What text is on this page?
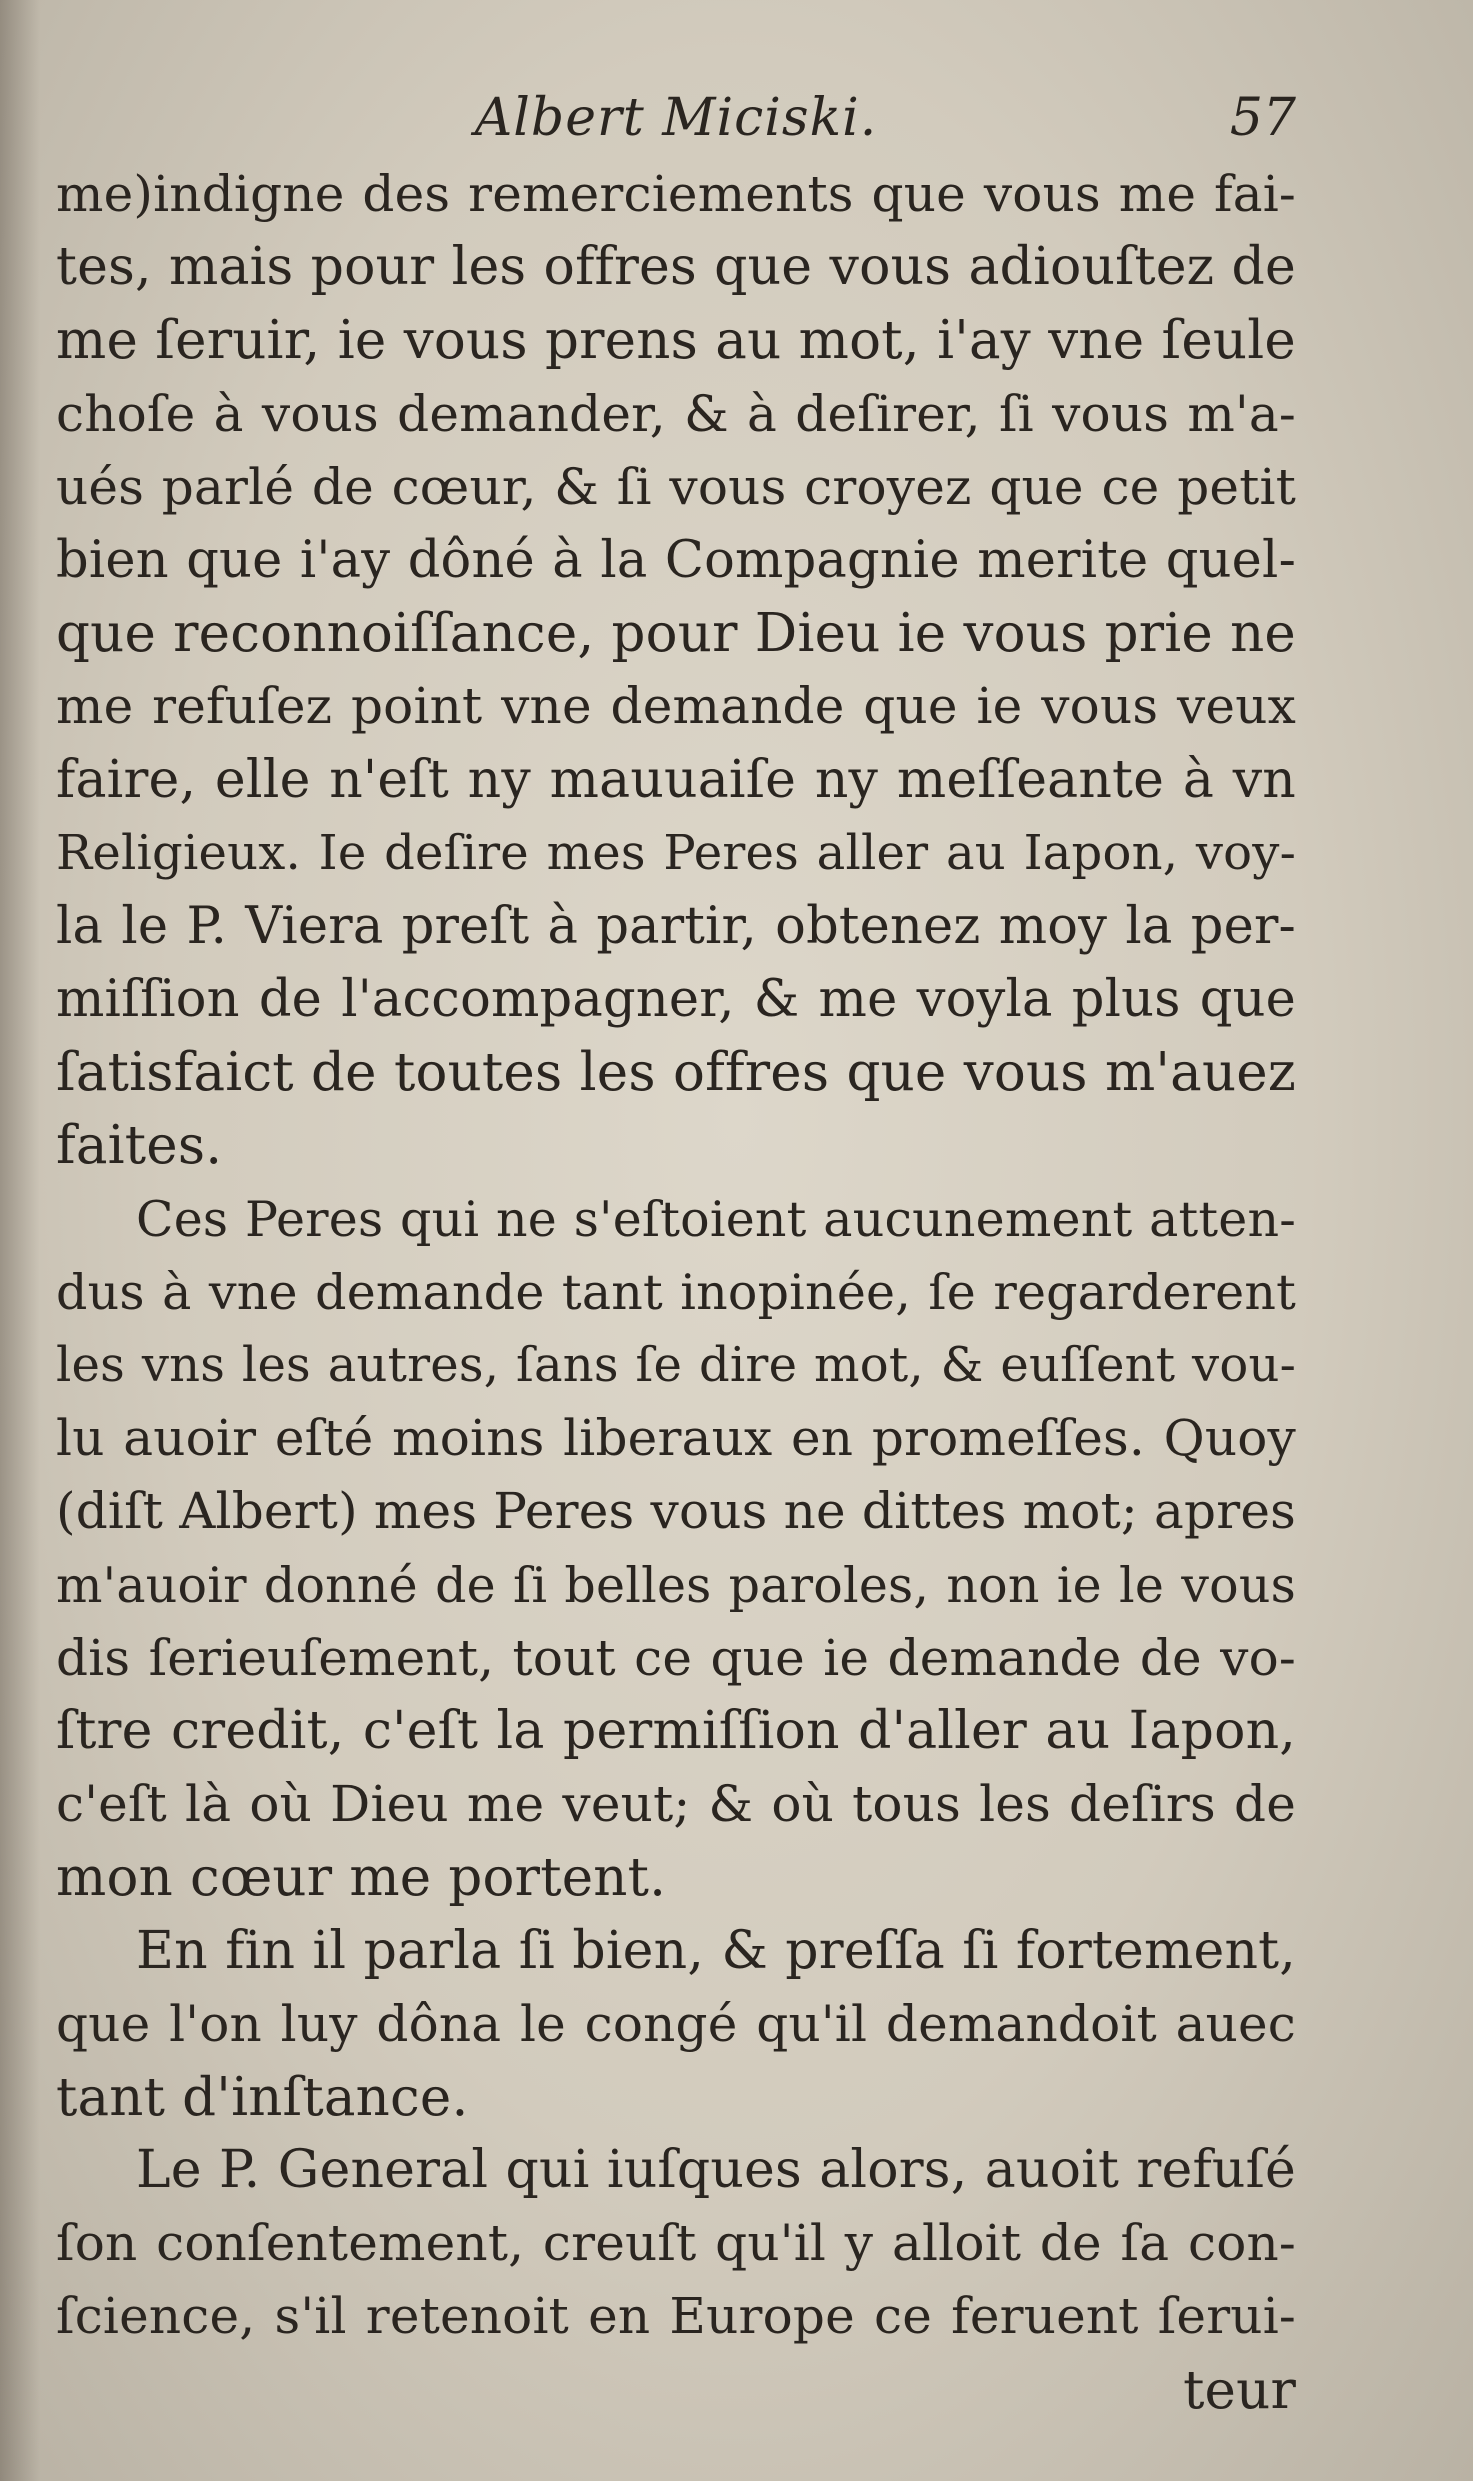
Albert Miciski.	57
me)indigne des remerciements que vous me fai-
tes, mais pour les offres que vous adiouſtez de
me ſeruir, ie vous prens au mot, i'ay vne ſeule
choſe à vous demander, & à deſirer, ſi vous m'a-
ués parlé de cœur, & ſi vous croyez que ce petit
bien que i'ay dôné à la Compagnie merite quel-
que reconnoiſſance, pour Dieu ie vous prie ne
me refuſez point vne demande que ie vous veux
faire, elle n'eſt ny mauuaiſe ny meſſeante à vn
Religieux. Ie deſire mes Peres aller au Iapon, voy-
la le P. Viera preſt à partir, obtenez moy la per-
miſſion de l'accompagner, & me voyla plus que
ſatisfaict de toutes les offres que vous m'auez
faites.
Ces Peres qui ne s'eſtoient aucunement atten-
dus à vne demande tant inopinée, ſe regarderent
les vns les autres, ſans ſe dire mot, & euſſent vou-
lu auoir eſté moins liberaux en promeſſes. Quoy
(diſt Albert) mes Peres vous ne dittes mot; apres
m'auoir donné de ſi belles paroles, non ie le vous
dis ſerieuſement, tout ce que ie demande de vo-
ſtre credit, c'eſt la permiſſion d'aller au Iapon,
c'eſt là où Dieu me veut; & où tous les deſirs de
mon cœur me portent.
En fin il parla ſi bien, & preſſa ſi fortement,
que l'on luy dôna le congé qu'il demandoit auec
tant d'inſtance.
Le P. General qui iuſques alors, auoit refuſé
ſon conſentement, creuſt qu'il y alloit de ſa con-
ſcience, s'il retenoit en Europe ce feruent ſerui-
teur
